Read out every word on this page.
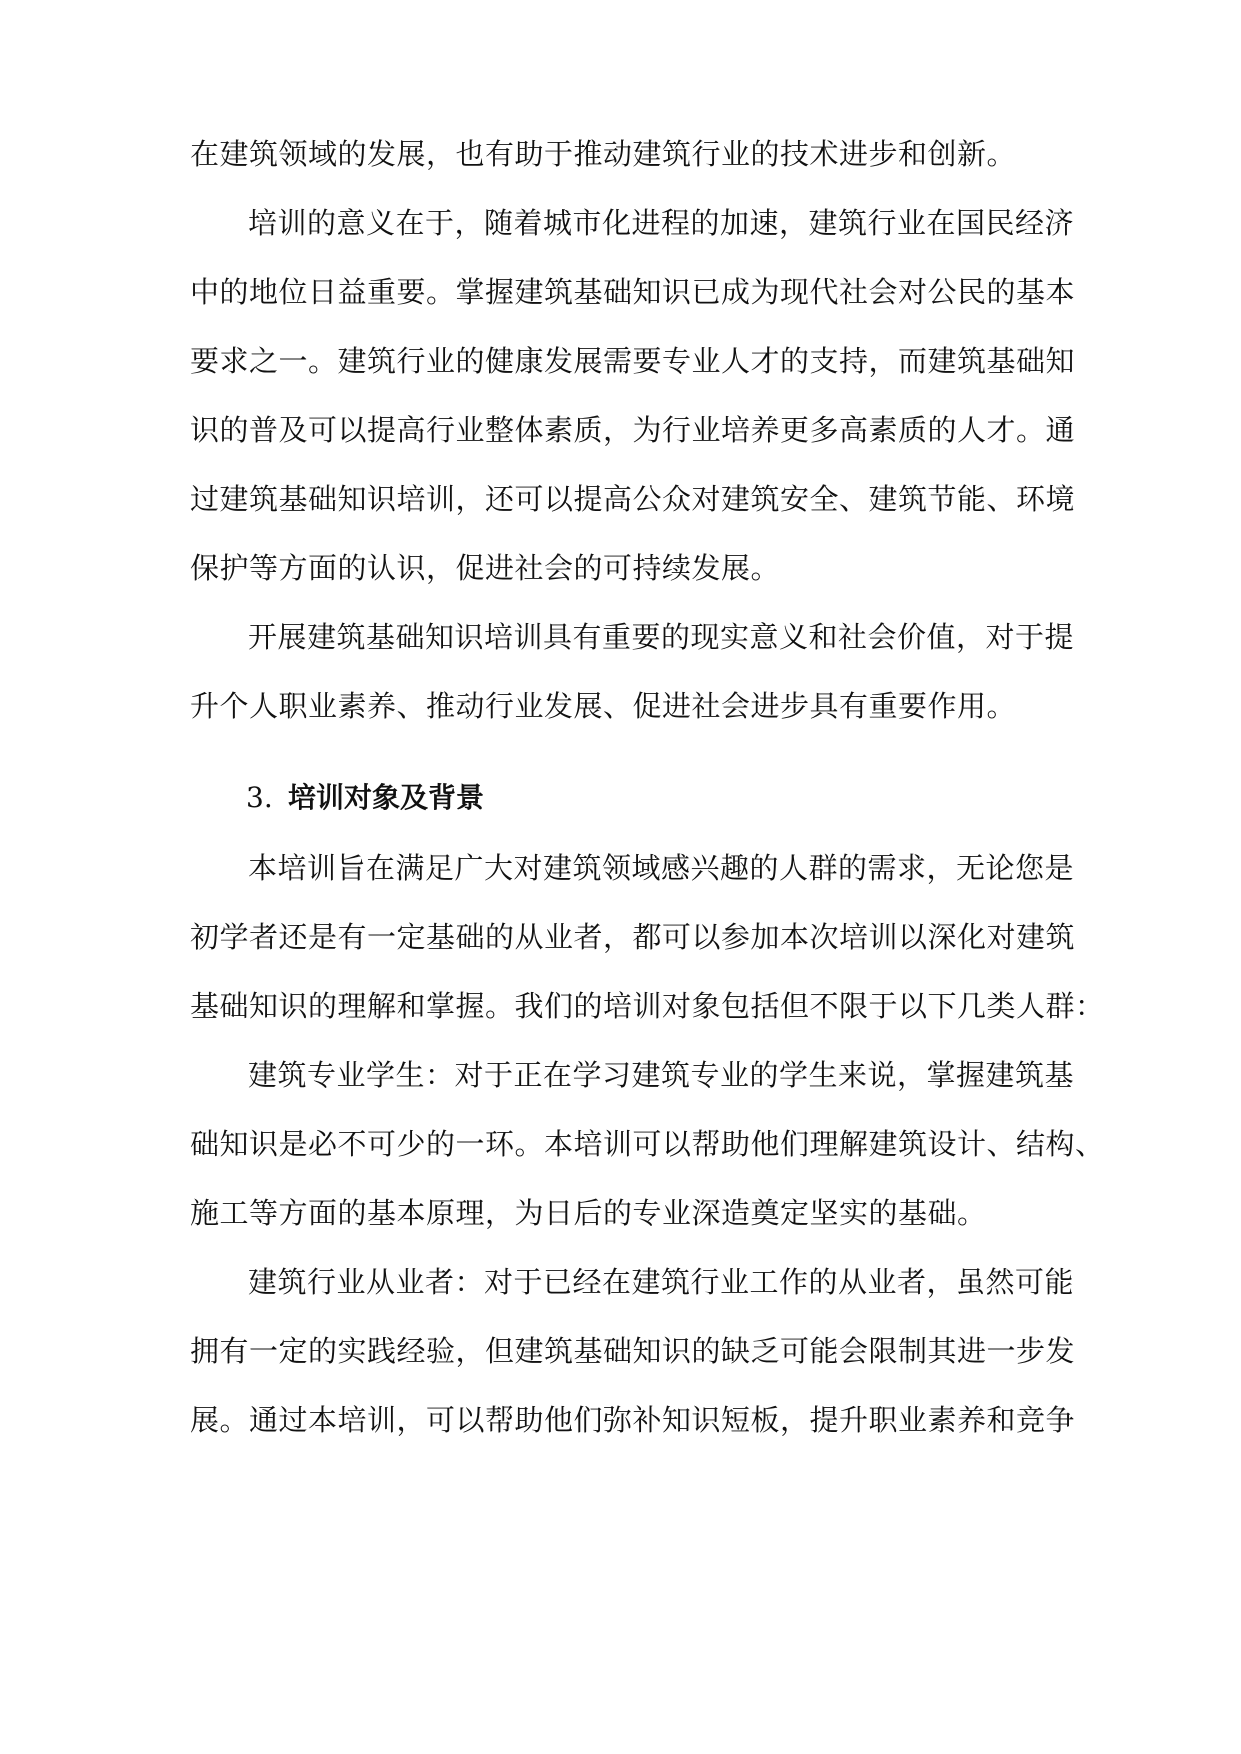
在建筑领域的发展，也有助于推动建筑行业的技术进步和创新。
培训的意义在于，随着城市化进程的加速，建筑行业在国民经济
中的地位日益重要。掌握建筑基础知识已成为现代社会对公民的基本
要求之一。建筑行业的健康发展需要专业人才的支持，而建筑基础知
识的普及可以提高行业整体素质，为行业培养更多高素质的人才。通
过建筑基础知识培训，还可以提高公众对建筑安全、建筑节能、环境
保护等方面的认识，促进社会的可持续发展。
开展建筑基础知识培训具有重要的现实意义和社会价值，对于提
升个人职业素养、推动行业发展、促进社会进步具有重要作用。
3. 培训对象及背景
本培训旨在满足广大对建筑领域感兴趣的人群的需求，无论您是
初学者还是有一定基础的从业者，都可以参加本次培训以深化对建筑
基础知识的理解和掌握。我们的培训对象包括但不限于以下几类人群：
建筑专业学生：对于正在学习建筑专业的学生来说，掌握建筑基
础知识是必不可少的一环。本培训可以帮助他们理解建筑设计、结构、
施工等方面的基本原理，为日后的专业深造奠定坚实的基础。
建筑行业从业者：对于已经在建筑行业工作的从业者，虽然可能
拥有一定的实践经验，但建筑基础知识的缺乏可能会限制其进一步发
展。通过本培训，可以帮助他们弥补知识短板，提升职业素养和竞争
